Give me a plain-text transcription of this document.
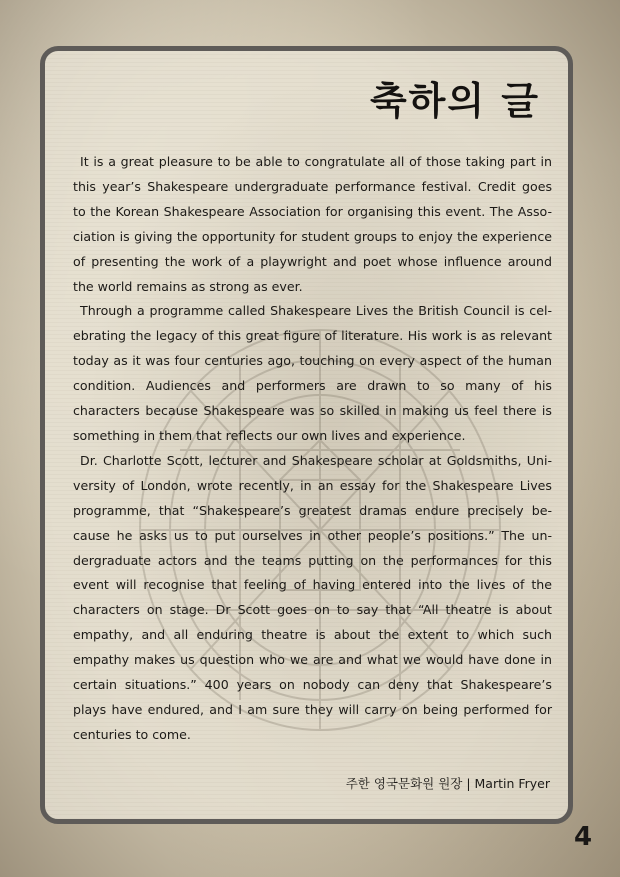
축하의 글

It is a great pleasure to be able to congratulate all of those taking part in this year’s Shakespeare undergraduate performance festival. Credit goes to the Korean Shakespeare Association for organising this event. The Asso-ciation is giving the opportunity for student groups to enjoy the experience of presenting the work of a playwright and poet whose influence around the world remains as strong as ever.

Through a programme called Shakespeare Lives the British Council is cel-ebrating the legacy of this great figure of literature. His work is as relevant today as it was four centuries ago, touching on every aspect of the human condition. Audiences and performers are drawn to so many of his characters because Shakespeare was so skilled in making us feel there is something in them that reflects our own lives and experience.

Dr. Charlotte Scott, lecturer and Shakespeare scholar at Goldsmiths, Uni-versity of London, wrote recently, in an essay for the Shakespeare Lives programme, that “Shakespeare’s greatest dramas endure precisely be-cause he asks us to put ourselves in other people’s positions.” The un-dergraduate actors and the teams putting on the performances for this event will recognise that feeling of having entered into the lives of the characters on stage. Dr Scott goes on to say that “All theatre is about empathy, and all enduring theatre is about the extent to which such empathy makes us question who we are and what we would have done in certain situations.” 400 years on nobody can deny that Shakespeare’s plays have endured, and I am sure they will carry on being performed for centuries to come.

주한 영국문화원 원장 | Martin Fryer

4
